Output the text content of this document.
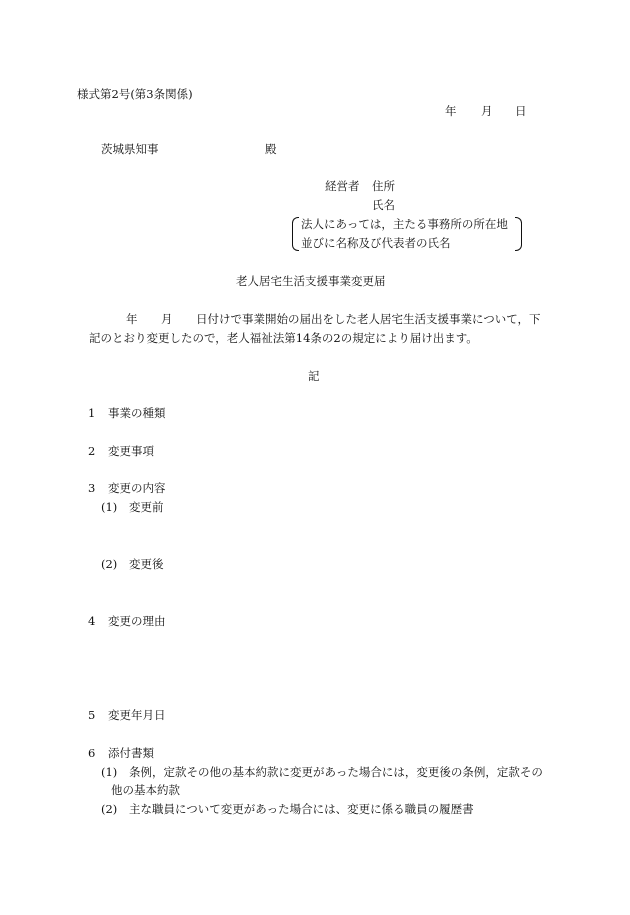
様式第2号(第3条関係)
年 月 日
茨城県知事	殿
経営者 住所
氏名
法人にあっては，主たる事務所の所在地
並びに名称及び代表者の氏名
老人居宅生活支援事業変更届
年 月 日付けで事業開始の届出をした老人居宅生活支援事業について，下
記のとおり変更したので，老人福祉法第14条の2の規定により届け出ます。
記
1 事業の種類
2 変更事項
3 変更の内容
(1) 変更前
(2) 変更後
4 変更の理由
5 変更年月日
6 添付書類
(1) 条例，定款その他の基本約款に変更があった場合には，変更後の条例，定款その
他の基本約款
(2) 主な職員について変更があった場合には、変更に係る職員の履歴書
